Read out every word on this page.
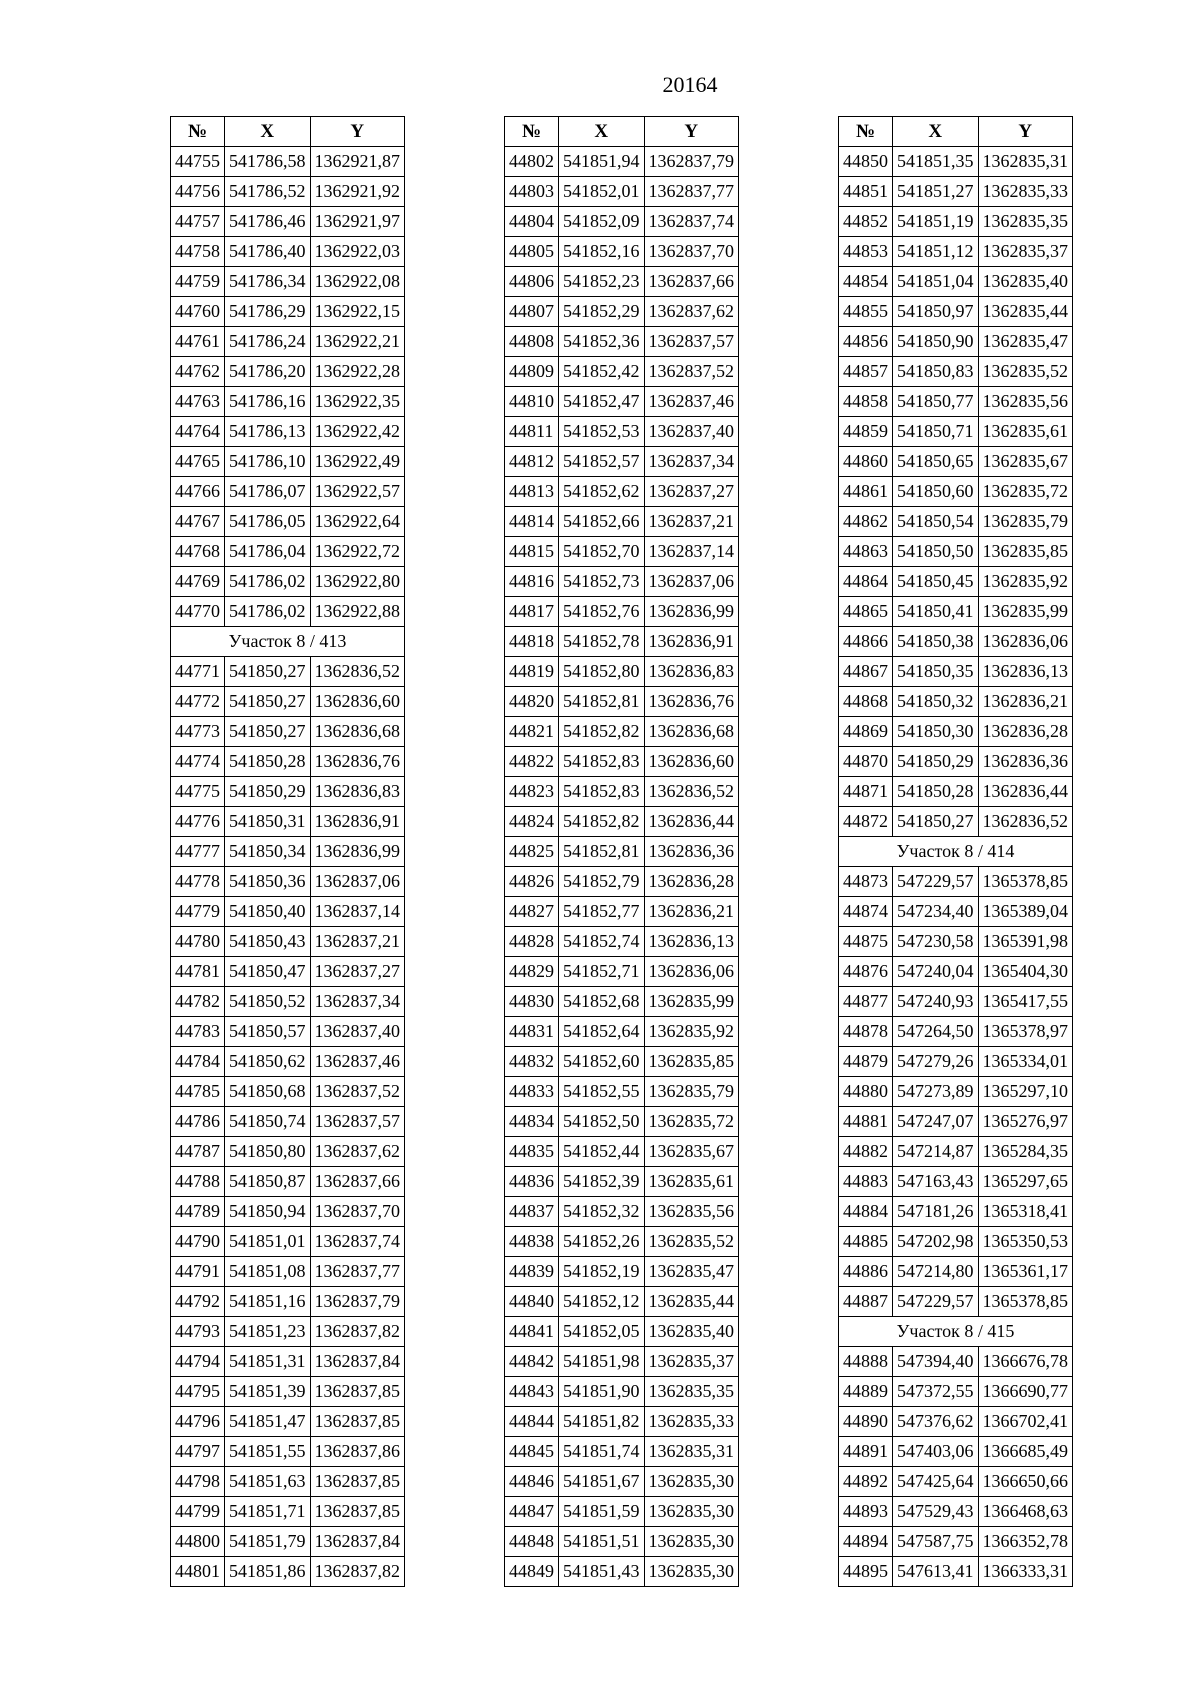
20164
№	X	Y
44755	541786,58	1362921,87
44756	541786,52	1362921,92
44757	541786,46	1362921,97
44758	541786,40	1362922,03
44759	541786,34	1362922,08
44760	541786,29	1362922,15
44761	541786,24	1362922,21
44762	541786,20	1362922,28
44763	541786,16	1362922,35
44764	541786,13	1362922,42
44765	541786,10	1362922,49
44766	541786,07	1362922,57
44767	541786,05	1362922,64
44768	541786,04	1362922,72
44769	541786,02	1362922,80
44770	541786,02	1362922,88
Участок 8 / 413		
44771	541850,27	1362836,52
44772	541850,27	1362836,60
44773	541850,27	1362836,68
44774	541850,28	1362836,76
44775	541850,29	1362836,83
44776	541850,31	1362836,91
44777	541850,34	1362836,99
44778	541850,36	1362837,06
44779	541850,40	1362837,14
44780	541850,43	1362837,21
44781	541850,47	1362837,27
44782	541850,52	1362837,34
44783	541850,57	1362837,40
44784	541850,62	1362837,46
44785	541850,68	1362837,52
44786	541850,74	1362837,57
44787	541850,80	1362837,62
44788	541850,87	1362837,66
44789	541850,94	1362837,70
44790	541851,01	1362837,74
44791	541851,08	1362837,77
44792	541851,16	1362837,79
44793	541851,23	1362837,82
44794	541851,31	1362837,84
44795	541851,39	1362837,85
44796	541851,47	1362837,85
44797	541851,55	1362837,86
44798	541851,63	1362837,85
44799	541851,71	1362837,85
44800	541851,79	1362837,84
44801	541851,86	1362837,82
№	X	Y
44802	541851,94	1362837,79
44803	541852,01	1362837,77
44804	541852,09	1362837,74
44805	541852,16	1362837,70
44806	541852,23	1362837,66
44807	541852,29	1362837,62
44808	541852,36	1362837,57
44809	541852,42	1362837,52
44810	541852,47	1362837,46
44811	541852,53	1362837,40
44812	541852,57	1362837,34
44813	541852,62	1362837,27
44814	541852,66	1362837,21
44815	541852,70	1362837,14
44816	541852,73	1362837,06
44817	541852,76	1362836,99
44818	541852,78	1362836,91
44819	541852,80	1362836,83
44820	541852,81	1362836,76
44821	541852,82	1362836,68
44822	541852,83	1362836,60
44823	541852,83	1362836,52
44824	541852,82	1362836,44
44825	541852,81	1362836,36
44826	541852,79	1362836,28
44827	541852,77	1362836,21
44828	541852,74	1362836,13
44829	541852,71	1362836,06
44830	541852,68	1362835,99
44831	541852,64	1362835,92
44832	541852,60	1362835,85
44833	541852,55	1362835,79
44834	541852,50	1362835,72
44835	541852,44	1362835,67
44836	541852,39	1362835,61
44837	541852,32	1362835,56
44838	541852,26	1362835,52
44839	541852,19	1362835,47
44840	541852,12	1362835,44
44841	541852,05	1362835,40
44842	541851,98	1362835,37
44843	541851,90	1362835,35
44844	541851,82	1362835,33
44845	541851,74	1362835,31
44846	541851,67	1362835,30
44847	541851,59	1362835,30
44848	541851,51	1362835,30
44849	541851,43	1362835,30
№	X	Y
44850	541851,35	1362835,31
44851	541851,27	1362835,33
44852	541851,19	1362835,35
44853	541851,12	1362835,37
44854	541851,04	1362835,40
44855	541850,97	1362835,44
44856	541850,90	1362835,47
44857	541850,83	1362835,52
44858	541850,77	1362835,56
44859	541850,71	1362835,61
44860	541850,65	1362835,67
44861	541850,60	1362835,72
44862	541850,54	1362835,79
44863	541850,50	1362835,85
44864	541850,45	1362835,92
44865	541850,41	1362835,99
44866	541850,38	1362836,06
44867	541850,35	1362836,13
44868	541850,32	1362836,21
44869	541850,30	1362836,28
44870	541850,29	1362836,36
44871	541850,28	1362836,44
44872	541850,27	1362836,52
Участок 8 / 414		
44873	547229,57	1365378,85
44874	547234,40	1365389,04
44875	547230,58	1365391,98
44876	547240,04	1365404,30
44877	547240,93	1365417,55
44878	547264,50	1365378,97
44879	547279,26	1365334,01
44880	547273,89	1365297,10
44881	547247,07	1365276,97
44882	547214,87	1365284,35
44883	547163,43	1365297,65
44884	547181,26	1365318,41
44885	547202,98	1365350,53
44886	547214,80	1365361,17
44887	547229,57	1365378,85
Участок 8 / 415		
44888	547394,40	1366676,78
44889	547372,55	1366690,77
44890	547376,62	1366702,41
44891	547403,06	1366685,49
44892	547425,64	1366650,66
44893	547529,43	1366468,63
44894	547587,75	1366352,78
44895	547613,41	1366333,31
